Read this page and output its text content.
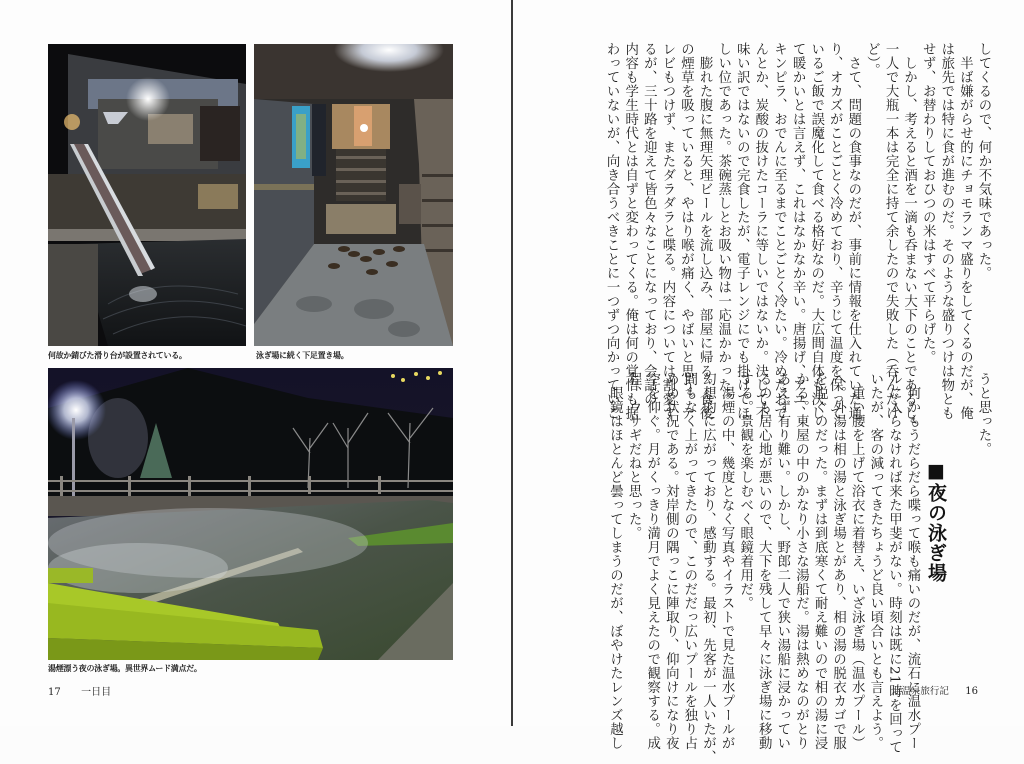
何故か錆びた滑り台が設置されている。	泳ぎ場に続く下足置き場。
湯煙漂う夜の泳ぎ場。異世界ムード満点だ。
17 一日目
してくるので、何か不気味であった。
　半ば嫌がらせ的にチョモランマ盛りをしてくるのだが、俺
は旅先では特に食が進むのだ。そのような盛りつけは物とも
せず、お替わりしておひつの米はすべて平らげた。
　しかし、考えると酒を一滴も呑まない大下のことであるし、
一人で大瓶一本は完全に持て余したので失敗した（呑んだけ
ど）。
　さて、問題の食事なのだが、事前に情報を仕入れていた通
り、オカズがことごとく冷めており、辛うじて温度を保って
いるご飯で誤魔化して食べる格好なのだ。大広間自体も決し
て暖かいとは言えず、これはなかなか辛い。唐揚げ、アユ、
キンピラ、おでんに至るまでことごとく冷たい。冷めたおで
んとか、炭酸の抜けたコーラに等しいではないか。決して不
味い訳ではないので完食したが、電子レンジにでも掛けてほ
しい位であった。茶碗蒸しとお吸い物は一応温かかった。
　膨れた腹に無理矢理ビールを流し込み、部屋に帰る。食後
の煙草を吸っていると、やはり喉が痛く、やばいと思う。テ
レビもつけず、またダラダラと喋る。内容については割愛す
るが、三十路を迎えて皆色々なことになっており、会話の
内容も学生時代とは自ずと変わってくる。俺は何の覚悟も据
わっていないが、向き合うべきことに一つずつ向かっていこ	うと思った。
■夜の泳ぎ場
　何かもうだらだら喋って喉も痛いのだが、流石に温水プー
ルに入らなければ来た甲斐がない。時刻は既に21時を回って
いたが、客の減ってきたちょうど良い頃合いとも言えよう。
　重い腰を上げて浴衣に着替え、いざ泳ぎ場（温水プール）
へ。外湯は相の湯と泳ぎ場とがあり、相の湯の脱衣カゴで服
を脱ぐのだった。まずは到底寒くて耐え難いので相の湯に浸
かる。東屋の中のかなり小さな湯船だ。湯は熱めなのがとり
あえず有り難い。しかし、野郎二人で狭い湯船に浸かってい
るのも居心地が悪いので、大下を残して早々に泳ぎ場に移動
する。景観を楽しむべく眼鏡着用だ。
　湯煙の中、幾度となく写真やイラストで見た温水プールが
幻想的に広がっており、感動する。最初、先客が一人いたが、
間もなく上がってきたので、このだだっ広いプールを独り占
めの状況である。対岸側の隅っこに陣取り、仰向けになり夜
空を仰ぐ。月がくっきり満月でよく見えたので観察する。成
程、ウサギだねと思った。
　眼鏡はほとんど曇ってしまうのだが、ぼやけたレンズ越し	北温泉旅行記 16
